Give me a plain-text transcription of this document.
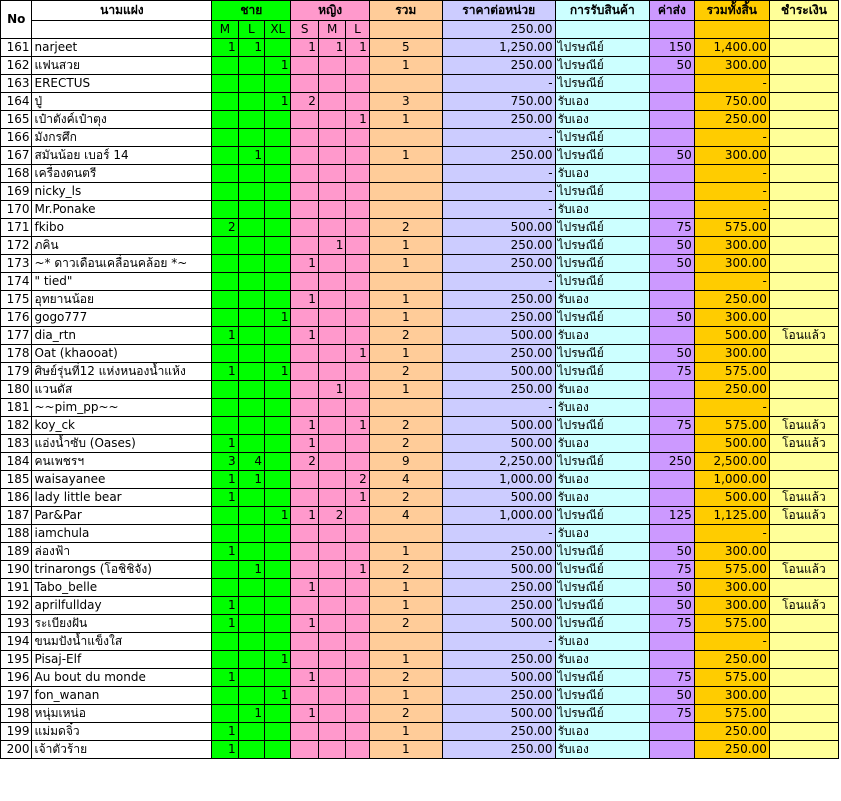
No	นามแฝง	ชาย			หญิง			รวม	ราคาต่อหน่วย	การรับสินค้า	ค่าส่ง	รวมทั้งสิ้น	ชำระเงิน
		M	L	XL	S	M	L		250.00				
161	narjeet	1	1		1	1	1	5	1,250.00	ไปรษณีย์	150	1,400.00	
162	แฟนสวย			1				1	250.00	ไปรษณีย์	50	300.00	
163	ERECTUS								-	ไปรษณีย์		-	
164	ปู่			1	2			3	750.00	รับเอง		750.00	
165	เป๋าตังค์เป๋าตุง						1	1	250.00	รับเอง		250.00	
166	มังกรศึก								-	ไปรษณีย์		-	
167	สมันน้อย เบอร์ 14		1					1	250.00	ไปรษณีย์	50	300.00	
168	เครื่องดนตรี								-	รับเอง		-	
169	nicky_ls								-	ไปรษณีย์		-	
170	Mr.Ponake								-	รับเอง		-	
171	fkibo	2						2	500.00	ไปรษณีย์	75	575.00	
172	ภคิน					1		1	250.00	ไปรษณีย์	50	300.00	
173	~* ดาวเดือนเคลื่อนคล้อย *~				1			1	250.00	ไปรษณีย์	50	300.00	
174	" tied"								-	ไปรษณีย์		-	
175	อุทยานน้อย				1			1	250.00	รับเอง		250.00	
176	gogo777			1				1	250.00	ไปรษณีย์	50	300.00	
177	dia_rtn	1			1			2	500.00	รับเอง		500.00	โอนแล้ว
178	Oat (khaooat)						1	1	250.00	ไปรษณีย์	50	300.00	
179	ศิษย์รุ่นที่12 แห่งหนองน้ำแห้ง	1		1				2	500.00	ไปรษณีย์	75	575.00	
180	แวนดัส					1		1	250.00	รับเอง		250.00	
181	~~pim_pp~~								-	รับเอง		-	
182	koy_ck				1		1	2	500.00	ไปรษณีย์	75	575.00	โอนแล้ว
183	แอ่งน้ำซับ (Oases)	1			1			2	500.00	รับเอง		500.00	โอนแล้ว
184	คนเพชรฯ	3	4		2			9	2,250.00	ไปรษณีย์	250	2,500.00	
185	waisayanee	1	1				2	4	1,000.00	รับเอง		1,000.00	
186	lady little bear	1					1	2	500.00	รับเอง		500.00	โอนแล้ว
187	Par&Par			1	1	2		4	1,000.00	ไปรษณีย์	125	1,125.00	โอนแล้ว
188	iamchula								-	รับเอง		-	
189	ล่องฟ้า	1						1	250.00	ไปรษณีย์	50	300.00	
190	trinarongs (โอชิชิจัง)		1				1	2	500.00	ไปรษณีย์	75	575.00	โอนแล้ว
191	Tabo_belle				1			1	250.00	ไปรษณีย์	50	300.00	
192	aprilfullday	1						1	250.00	ไปรษณีย์	50	300.00	โอนแล้ว
193	ระเบียงฝัน	1			1			2	500.00	ไปรษณีย์	75	575.00	
194	ขนมปังน้ำแข็งใส								-	รับเอง		-	
195	Pisaj-Elf			1				1	250.00	รับเอง		250.00	
196	Au bout du monde	1			1			2	500.00	ไปรษณีย์	75	575.00	
197	fon_wanan			1				1	250.00	ไปรษณีย์	50	300.00	
198	หนุ่มเหน่อ		1		1			2	500.00	ไปรษณีย์	75	575.00	
199	แม่มดจิ๋ว	1						1	250.00	รับเอง		250.00	
200	เจ้าตัวร้าย	1						1	250.00	รับเอง		250.00	
